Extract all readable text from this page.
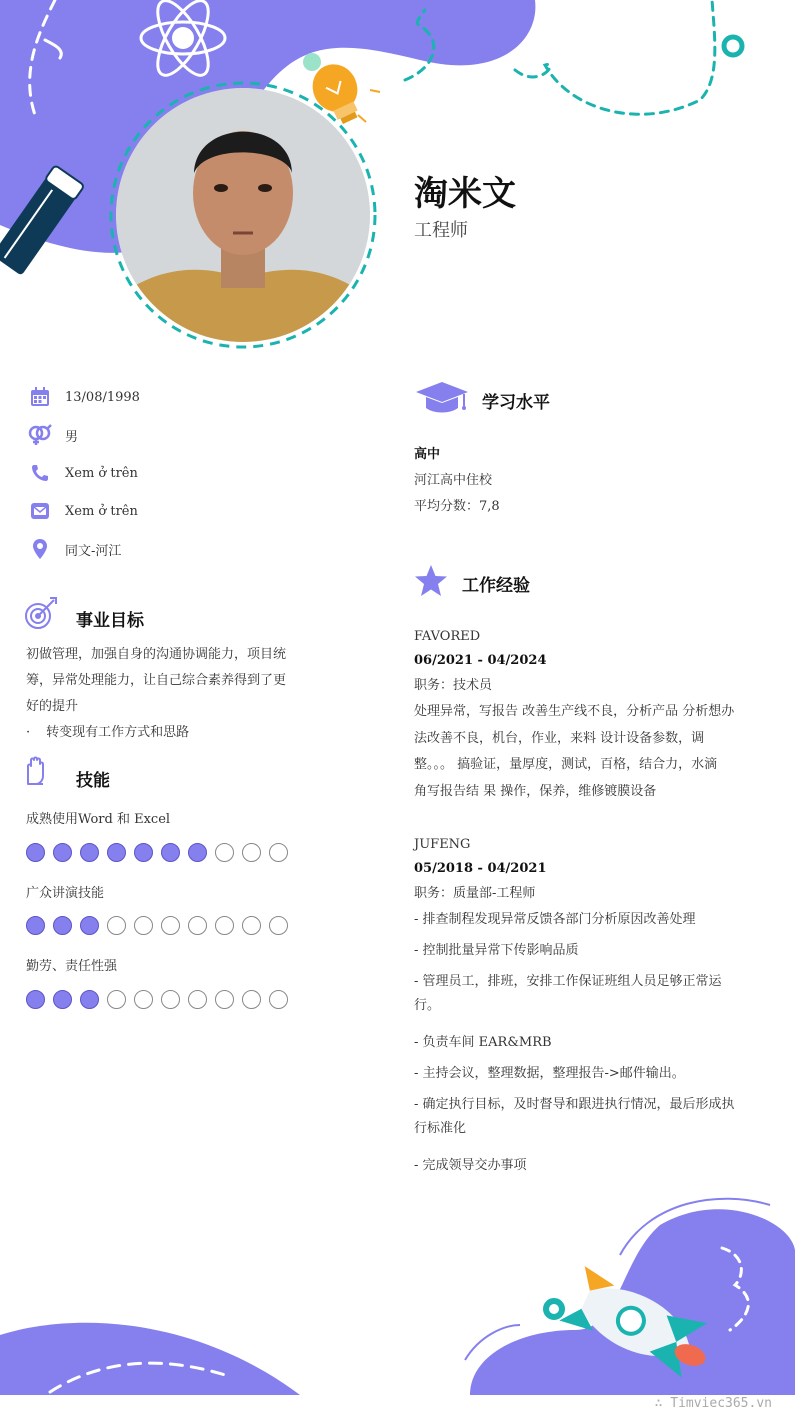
淘米文
工程师
13/08/1998
男
Xem ở trên
Xem ở trên
同文-河江
事业目标
初做管理，加强自身的沟通协调能力，项目统
筹，异常处理能力，让自己综合素养得到了更
好的提升
· 转变现有工作方式和思路
技能
成熟使用Word 和 Excel
广众讲演技能
勤劳、责任性强
学习水平
高中
河江高中住校
平均分数：7,8
工作经验
FAVORED
06/2021 - 04/2024
职务：技术员
处理异常，写报告 改善生产线不良，分析产品 分析想办
法改善不良，机台，作业，来料 设计设备参数，调
整。。。 搞验证，量厚度，测试，百格，结合力，水滴
角写报告结 果 操作，保养，维修镀膜设备
JUFENG
05/2018 - 04/2021
职务：质量部-工程师
- 排查制程发现异常反馈各部门分析原因改善处理
- 控制批量异常下传影响品质
- 管理员工，排班，安排工作保证班组人员足够正常运
行。
- 负责车间 EAR&MRB
- 主持会议，整理数据，整理报告->邮件输出。
- 确定执行目标，及时督导和跟进执行情况，最后形成执
行标准化
- 完成领导交办事项
∴ Timviec365.vn
